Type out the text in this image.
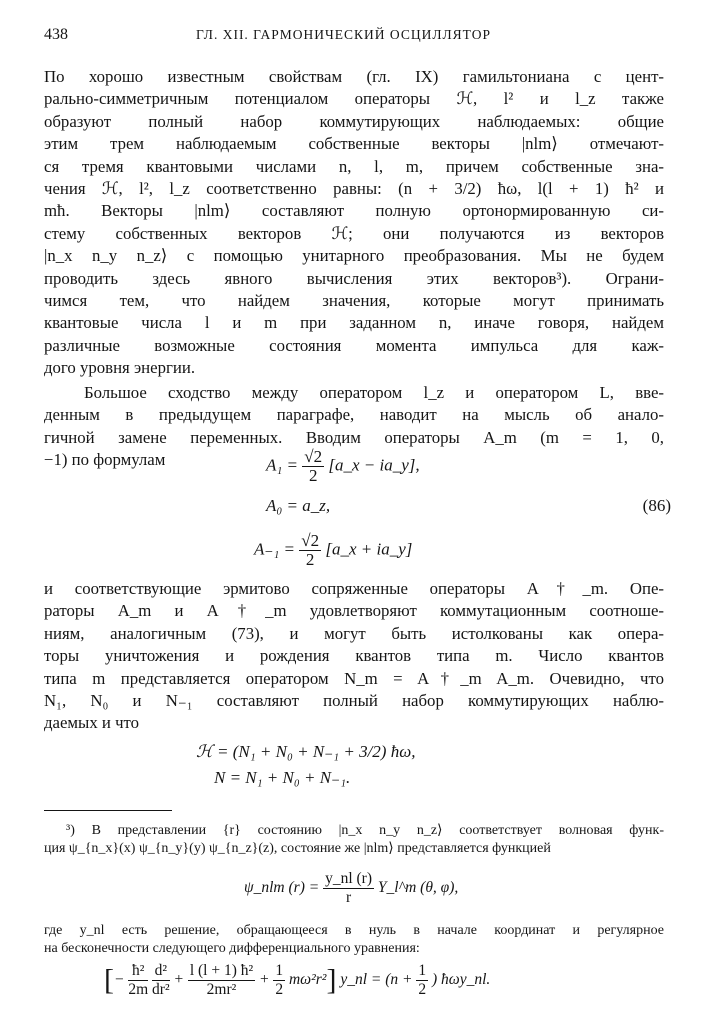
438	ГЛ. XII. ГАРМОНИЧЕСКИЙ ОСЦИЛЛЯТОР

По хорошо известным свойствам (гл. IX) гамильтониана с цент-
рально-симметричным потенциалом операторы ℋ, l² и l_z также
образуют полный набор коммутирующих наблюдаемых: общие
этим трем наблюдаемым собственные векторы |nlm⟩ отмечают-
ся тремя квантовыми числами n, l, m, причем собственные зна-
чения ℋ, l², l_z соответственно равны: (n + 3/2) ħω, l(l + 1) ħ² и
mħ. Векторы |nlm⟩ составляют полную ортонормированную си-
стему собственных векторов ℋ; они получаются из векторов
|n_x n_y n_z⟩ с помощью унитарного преобразования. Мы не будем
проводить здесь явного вычисления этих векторов³). Ограни-
чимся тем, что найдем значения, которые могут принимать
квантовые числа l и m при заданном n, иначе говоря, найдем
различные возможные состояния момента импульса для каж-
дого уровня энергии.

Большое сходство между оператором l_z и оператором L, вве-
денным в предыдущем параграфе, наводит на мысль об анало-
гичной замене переменных. Вводим операторы A_m (m = 1, 0,
−1) по формулам	$A_1 = \frac{√2}{2}$ [a_x − ia_y],
A₀ = a_z,	(86)
$A_{-1} = \frac{√2}{2}$ [a_x + ia_y]

и соответствующие эрмитово сопряженные операторы A†_m. Опе-
раторы A_m и A†_m удовлетворяют коммутационным соотноше-
ниям, аналогичным (73), и могут быть истолкованы как опера-
торы уничтожения и рождения квантов типа m. Число квантов
типа m представляется оператором N_m = A†_m A_m. Очевидно, что
N₁, N₀ и N₋₁ составляют полный набор коммутирующих наблю-
даемых и что

ℋ = (N₁ + N₀ + N₋₁ + 3/2) ħω,
N = N₁ + N₀ + N₋₁.
³) В представлении {r} состоянию |n_x n_y n_z⟩ соответствует волновая функ-
ция ψ_{n_x}(x) ψ_{n_y}(y) ψ_{n_z}(z), состояние же |nlm⟩ представляется функцией
ψ_nlm $(r) = \frac{y\_nl (r)}{r}$ Y_l^m (θ, φ),
где y_nl есть решение, обращающееся в нуль в начале координат и регулярное
на бесконечности следующего дифференциального уравнения:
[− $\frac{\text{ħ²}}{2m}$
$\frac{\text{d²}}{\text{dr²}} + \frac{\text{l (l + 1) ħ²}}{\text{2mr²}} + \frac{1}{2} m\omega^2r^2$] y_nl = ($n + \frac{1}{2}$ ) ħωy_nl.
